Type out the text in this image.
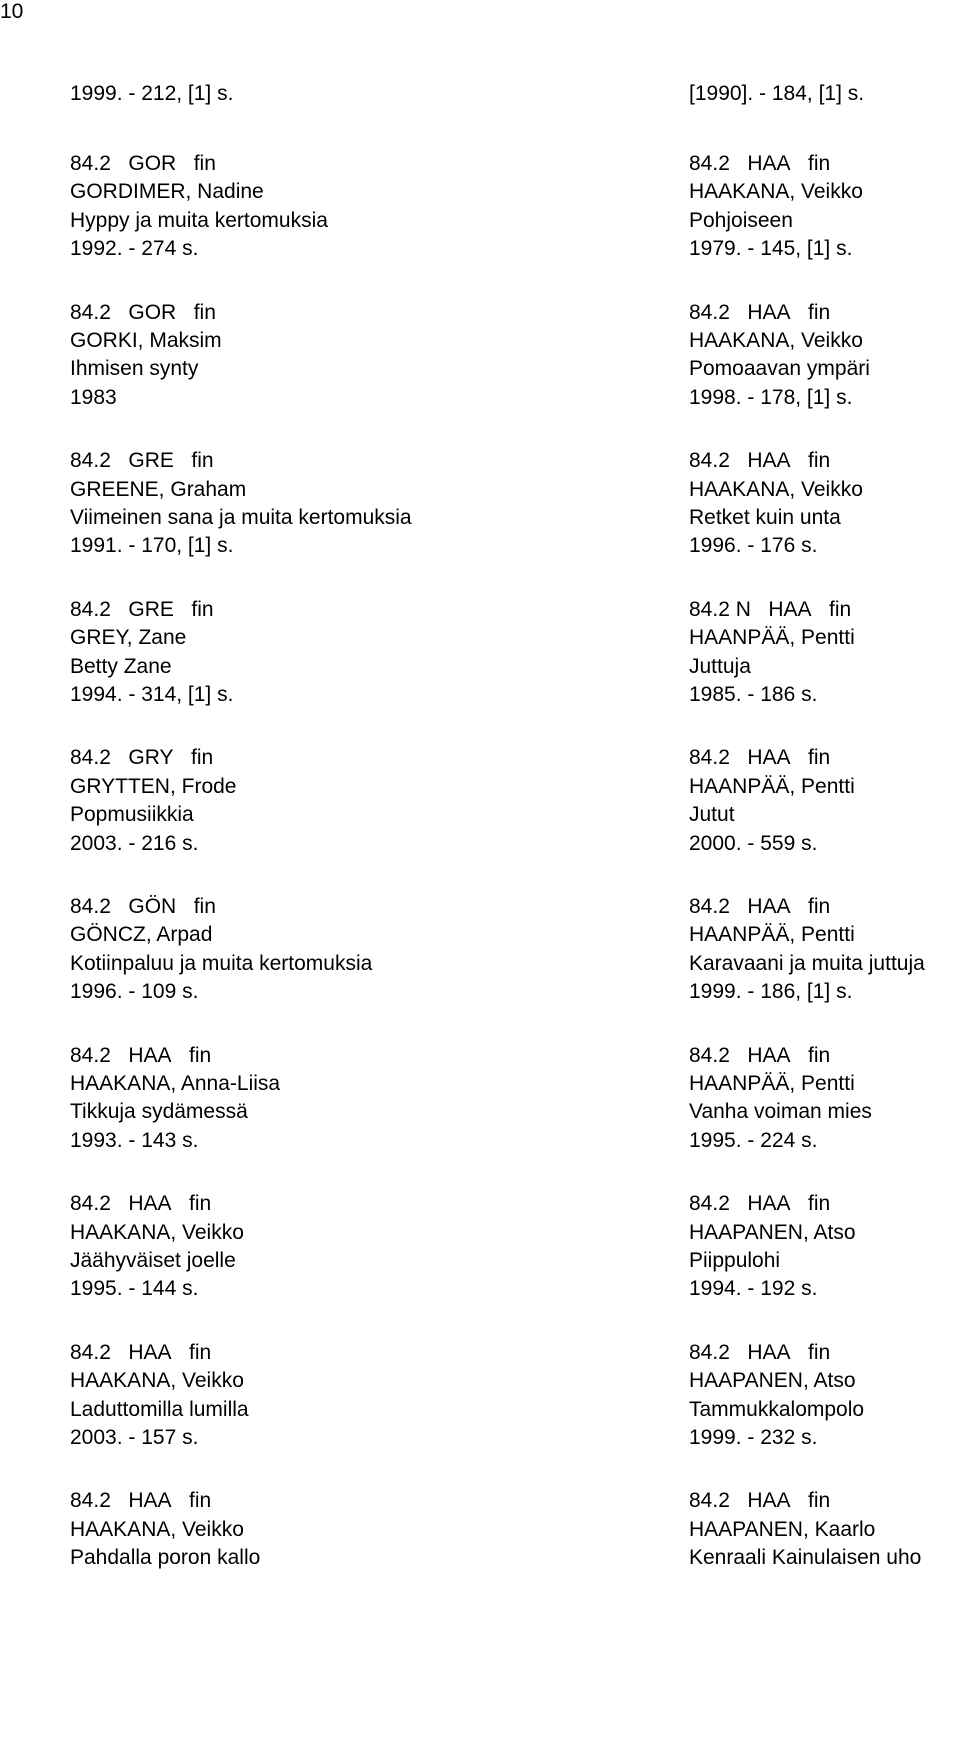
10
1999. - 212, [1] s.
84.2   GOR   fin
GORDIMER, Nadine
Hyppy ja muita kertomuksia
1992. - 274 s.
84.2   GOR   fin
GORKI, Maksim
Ihmisen synty
1983
84.2   GRE   fin
GREENE, Graham
Viimeinen sana ja muita kertomuksia
1991. - 170, [1] s.
84.2   GRE   fin
GREY, Zane
Betty Zane
1994. - 314, [1] s.
84.2   GRY   fin
GRYTTEN, Frode
Popmusiikkia
2003. - 216 s.
84.2   GÖN   fin
GÖNCZ, Arpad
Kotiinpaluu ja muita kertomuksia
1996. - 109 s.
84.2   HAA   fin
HAAKANA, Anna-Liisa
Tikkuja sydämessä
1993. - 143 s.
84.2   HAA   fin
HAAKANA, Veikko
Jäähyväiset joelle
1995. - 144 s.
84.2   HAA   fin
HAAKANA, Veikko
Laduttomilla lumilla
2003. - 157 s.
84.2   HAA   fin
HAAKANA, Veikko
Pahdalla poron kallo
[1990]. - 184, [1] s.
84.2   HAA   fin
HAAKANA, Veikko
Pohjoiseen
1979. - 145, [1] s.
84.2   HAA   fin
HAAKANA, Veikko
Pomoaavan ympäri
1998. - 178, [1] s.
84.2   HAA   fin
HAAKANA, Veikko
Retket kuin unta
1996. - 176 s.
84.2 N   HAA   fin
HAANPÄÄ, Pentti
Juttuja
1985. - 186 s.
84.2   HAA   fin
HAANPÄÄ, Pentti
Jutut
2000. - 559 s.
84.2   HAA   fin
HAANPÄÄ, Pentti
Karavaani ja muita juttuja
1999. - 186, [1] s.
84.2   HAA   fin
HAANPÄÄ, Pentti
Vanha voiman mies
1995. - 224 s.
84.2   HAA   fin
HAAPANEN, Atso
Piippulohi
1994. - 192 s.
84.2   HAA   fin
HAAPANEN, Atso
Tammukkalompolo
1999. - 232 s.
84.2   HAA   fin
HAAPANEN, Kaarlo
Kenraali Kainulaisen uho
